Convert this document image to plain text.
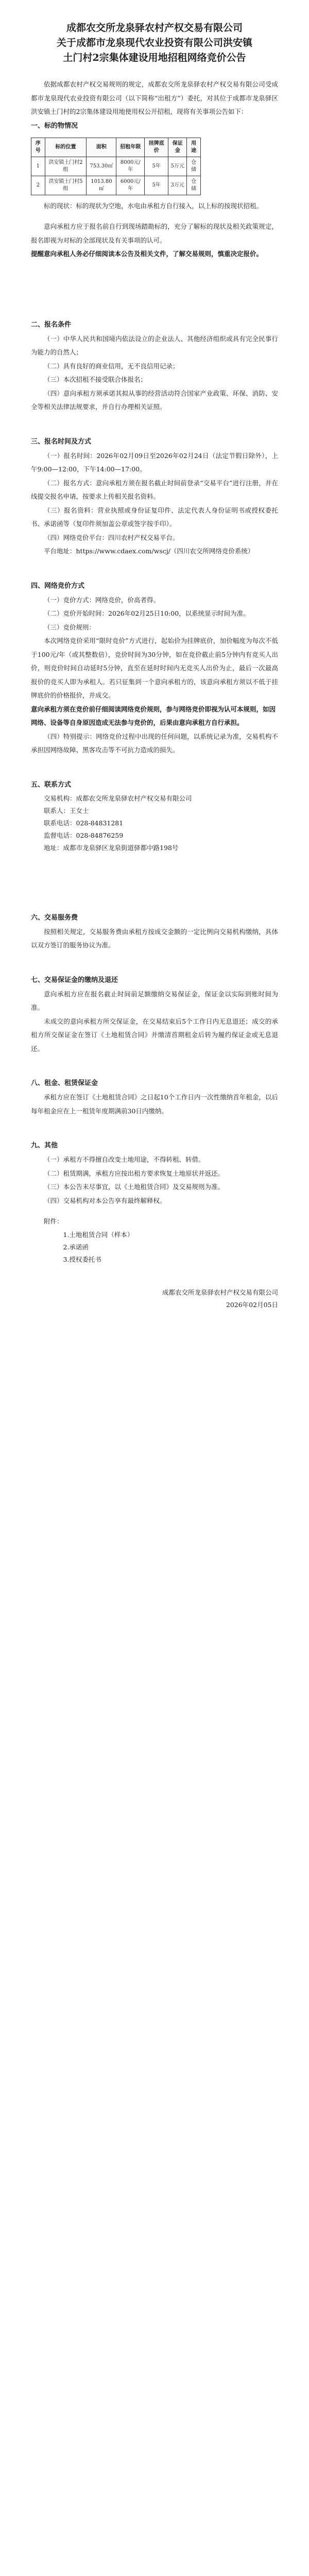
成都农交所龙泉驿农村产权交易有限公司

关于成都市龙泉现代农业投资有限公司洪安镇

土门村2宗集体建设用地招租网络竞价公告

依据成都农村产权交易规则的规定，成都农交所龙泉驿农村产权交易有限公司受成都市龙泉现代农业投资有限公司（以下简称“出租方”）委托，对其位于成都市龙泉驿区洪安镇土门村的2宗集体建设用地使用权公开招租，现将有关事项公告如下：

一、标的物情况
序号	标的位置	面积	招租年限	挂牌底价	保证金	用途
1	洪安镇土门村2组	753.30㎡	8000元/年	5年	5万元	仓储
2	洪安镇土门村5组	1013.80㎡	6000元/年	5年	3万元	仓储

标的现状：标的现状为空地，水电由承租方自行接入，以上标的按现状招租。

意向承租方应于报名前自行到现场踏勘标的，充分了解标的现状及相关政策规定，报名即视为对标的全部现状及有关事项的认可。

提醒意向承租人务必仔细阅读本公告及相关文件，了解交易规则，慎重决定报价。

二、报名条件

（一）中华人民共和国境内依法设立的企业法人、其他经济组织或具有完全民事行为能力的自然人；

（二）具有良好的商业信用，无不良信用记录；

（三）本次招租不接受联合体报名；

（四）意向承租方须承诺其拟从事的经营活动符合国家产业政策、环保、消防、安全等相关法律法规要求，并自行办理相关证照。

三、报名时间及方式

（一）报名时间：2026年02月09日至2026年02月24日（法定节假日除外），上午9:00—12:00，下午14:00—17:00。

（二）报名方式：意向承租方须在报名截止时间前登录“交易平台”进行注册，并在线提交报名申请，按要求上传相关报名资料。

（三）报名资料：营业执照或身份证复印件、法定代表人身份证明书或授权委托书、承诺函等（复印件须加盖公章或签字按手印）。

（四）网络竞价平台：四川农村产权交易平台。

平台地址：https://www.cdaex.com/wscj/（四川农交所网络竞价系统）

四、网络竞价方式

（一）竞价方式：网络竞价，价高者得。

（二）竞价开始时间：2026年02月25日10:00，以系统显示时间为准。

（三）竞价规则：

本次网络竞价采用“限时竞价”方式进行，起始价为挂牌底价，加价幅度为每次不低于100元/年（或其整数倍），竞价时间为30分钟，如在竞价截止前5分钟内有竞买人出价，则竞价时间自动延时5分钟，直至在延时时间内无竞买人出价为止，最后一次最高报价的竞买人即为承租人。若只征集到一个意向承租方的，该意向承租方须以不低于挂牌底价的价格报价，并成交。

意向承租方须在竞价前仔细阅读网络竞价规则，参与网络竞价即视为认可本规则，如因网络、设备等自身原因造成无法参与竞价的，后果由意向承租方自行承担。

（四）特别提示：网络竞价过程中出现的任何问题，以系统记录为准，交易机构不承担因网络故障、黑客攻击等不可抗力造成的损失。

五、联系方式

交易机构：成都农交所龙泉驿农村产权交易有限公司

联系人：王女士

联系电话：028-84831281

监督电话：028-84876259

地址：成都市龙泉驿区龙泉街道驿都中路198号

六、交易服务费

按照相关规定，交易服务费由承租方按成交金额的一定比例向交易机构缴纳，具体以双方签订的服务协议为准。

七、交易保证金的缴纳及退还

意向承租方应在报名截止时间前足额缴纳交易保证金，保证金以实际到账时间为准。

未成交的意向承租方所交保证金，在交易结束后5个工作日内无息退还；成交的承租方所交保证金在签订《土地租赁合同》并缴清首期租金后转为履约保证金或无息退还。

八、租金、租赁保证金

承租方应在签订《土地租赁合同》之日起10个工作日内一次性缴纳首年租金，以后每年租金应在上一租赁年度期满前30日内缴纳。

九、其他

（一）承租方不得擅自改变土地用途，不得转租、转借。

（二）租赁期满，承租方应按出租方要求恢复土地原状并返还。

（三）本公告未尽事宜，以《土地租赁合同》及交易规则为准。

（四）交易机构对本公告享有最终解释权。

附件：

1.土地租赁合同（样本）

2.承诺函

3.授权委托书

成都农交所龙泉驿农村产权交易有限公司

2026年02月05日
